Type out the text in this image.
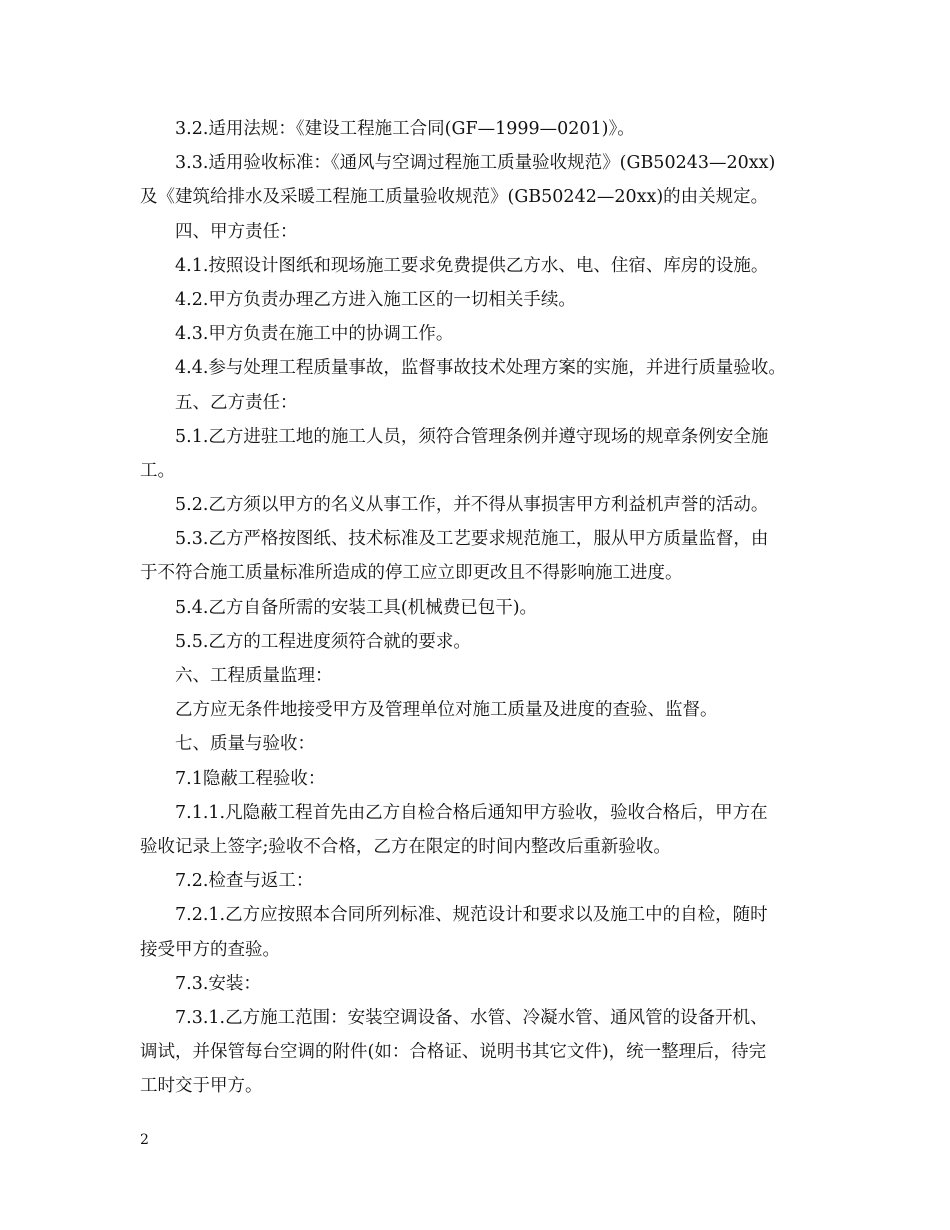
3.2.适用法规：《建设工程施工合同(GF—1999—0201)》。
3.3.适用验收标准：《通风与空调过程施工质量验收规范》(GB50243—20xx)
及《建筑给排水及采暖工程施工质量验收规范》(GB50242—20xx)的由关规定。
四、甲方责任：
4.1.按照设计图纸和现场施工要求免费提供乙方水、电、住宿、库房的设施。
4.2.甲方负责办理乙方进入施工区的一切相关手续。
4.3.甲方负责在施工中的协调工作。
4.4.参与处理工程质量事故，监督事故技术处理方案的实施，并进行质量验收。
五、乙方责任：
5.1.乙方进驻工地的施工人员，须符合管理条例并遵守现场的规章条例安全施
工。
5.2.乙方须以甲方的名义从事工作，并不得从事损害甲方利益机声誉的活动。
5.3.乙方严格按图纸、技术标准及工艺要求规范施工，服从甲方质量监督，由
于不符合施工质量标准所造成的停工应立即更改且不得影响施工进度。
5.4.乙方自备所需的安装工具(机械费已包干)。
5.5.乙方的工程进度须符合就的要求。
六、工程质量监理：
乙方应无条件地接受甲方及管理单位对施工质量及进度的查验、监督。
七、质量与验收：
7.1隐蔽工程验收：
7.1.1.凡隐蔽工程首先由乙方自检合格后通知甲方验收，验收合格后，甲方在
验收记录上签字;验收不合格，乙方在限定的时间内整改后重新验收。
7.2.检查与返工：
7.2.1.乙方应按照本合同所列标准、规范设计和要求以及施工中的自检，随时
接受甲方的查验。
7.3.安装：
7.3.1.乙方施工范围：安装空调设备、水管、冷凝水管、通风管的设备开机、
调试，并保管每台空调的附件(如：合格证、说明书其它文件)，统一整理后，待完
工时交于甲方。
2
